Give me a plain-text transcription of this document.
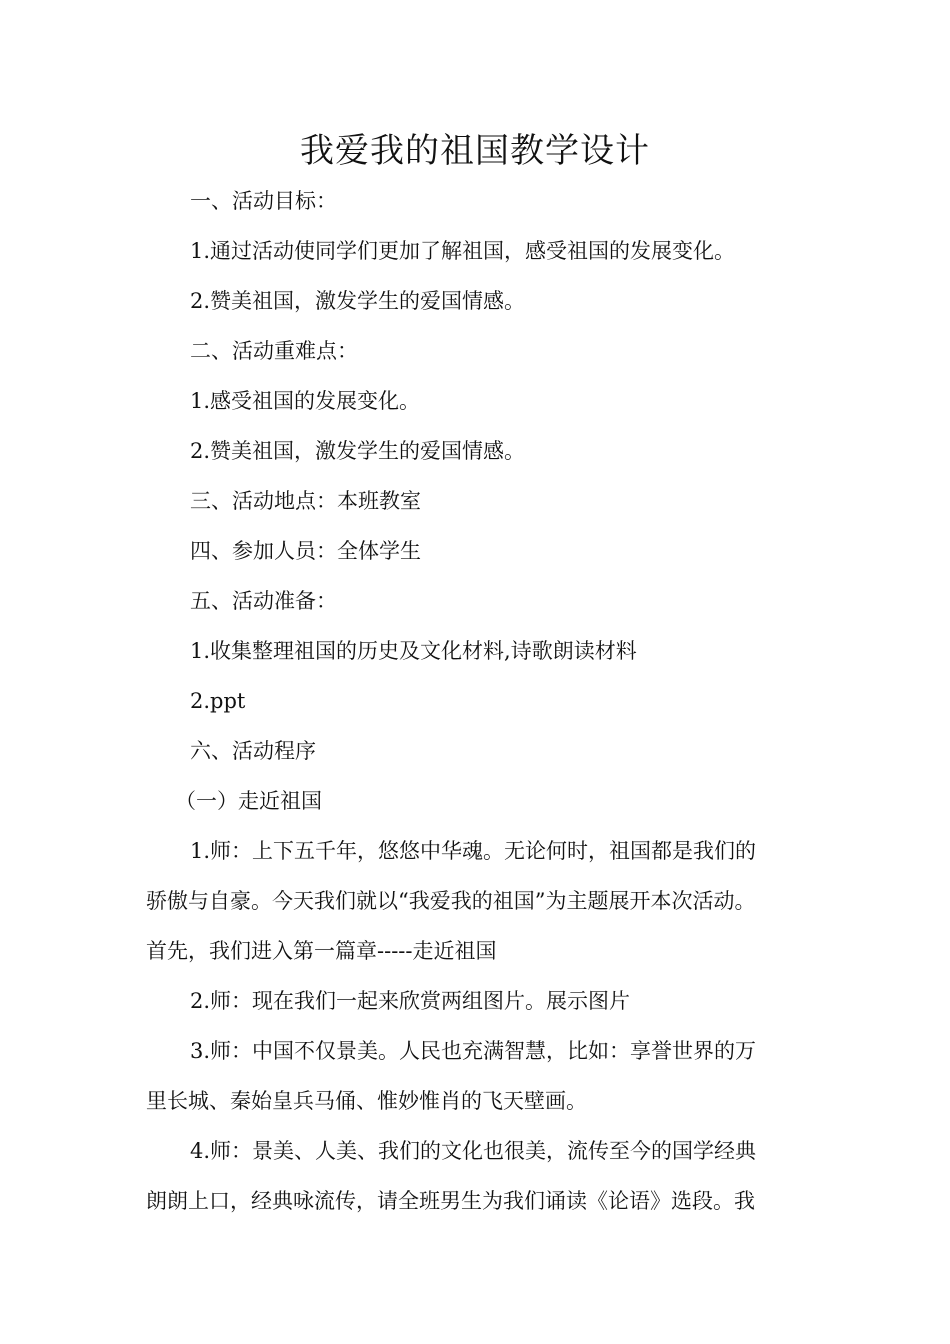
我爱我的祖国教学设计

一、活动目标：

1.通过活动使同学们更加了解祖国，感受祖国的发展变化。

2.赞美祖国，激发学生的爱国情感。

二、活动重难点：

1.感受祖国的发展变化。

2.赞美祖国，激发学生的爱国情感。

三、活动地点：本班教室

四、参加人员：全体学生

五、活动准备：

1.收集整理祖国的历史及文化材料,诗歌朗读材料

2.ppt

六、活动程序

（一）走近祖国

1.师：上下五千年，悠悠中华魂。无论何时，祖国都是我们的

骄傲与自豪。今天我们就以“我爱我的祖国”为主题展开本次活动。

首先，我们进入第一篇章-----走近祖国

2.师：现在我们一起来欣赏两组图片。展示图片

3.师：中国不仅景美。人民也充满智慧，比如：享誉世界的万

里长城、秦始皇兵马俑、惟妙惟肖的飞天壁画。

4.师：景美、人美、我们的文化也很美，流传至今的国学经典

朗朗上口，经典咏流传，请全班男生为我们诵读《论语》选段。我
